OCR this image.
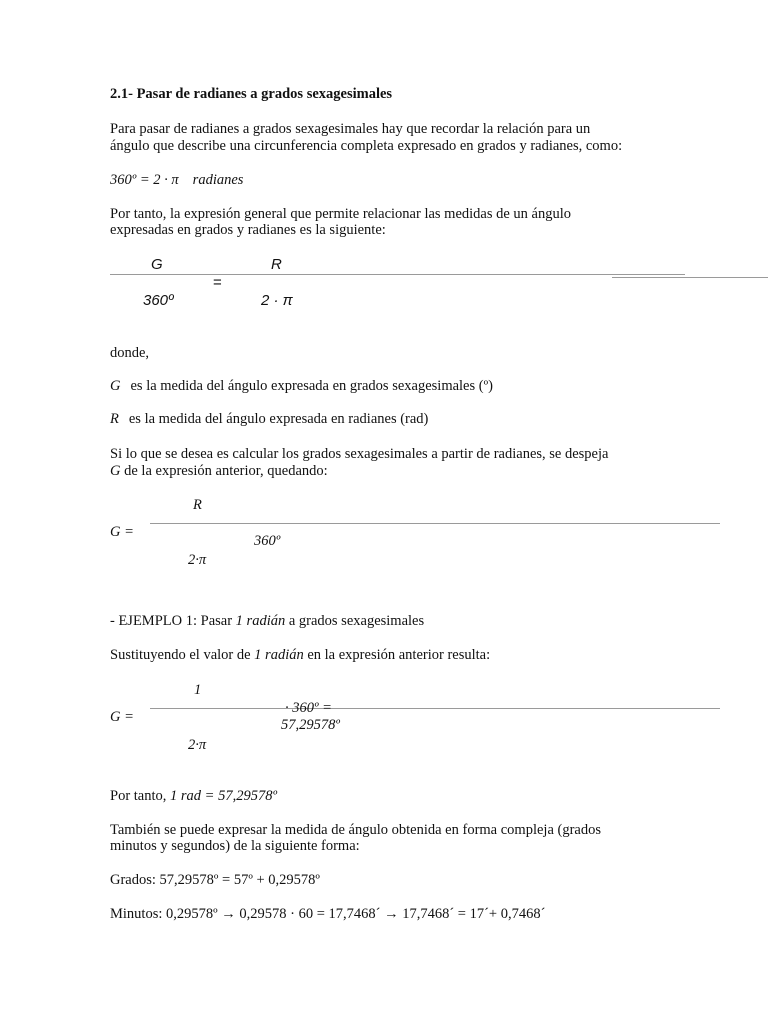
2.1- Pasar de radianes a grados sexagesimales
Para pasar de radianes a grados sexagesimales hay que recordar la relación para un
ángulo que describe una circunferencia completa expresado en grados y radianes, como:
360º = 2 · π radianes
Por tanto, la expresión general que permite relacionar las medidas de un ángulo
expresadas en grados y radianes es la siguiente:
G	R
=
360º	2 · π
donde,
G es la medida del ángulo expresada en grados sexagesimales (º)
R es la medida del ángulo expresada en radianes (rad)
Si lo que se desea es calcular los grados sexagesimales a partir de radianes, se despeja
G de la expresión anterior, quedando:
R
G =
360º
2·π
- EJEMPLO 1: Pasar 1 radián a grados sexagesimales
Sustituyendo el valor de 1 radián en la expresión anterior resulta:
1
G =
· 360º =
57,29578º
2·π
Por tanto, 1 rad = 57,29578º
También se puede expresar la medida de ángulo obtenida en forma compleja (grados
minutos y segundos) de la siguiente forma:
Grados: 57,29578º = 57º + 0,29578º
Minutos: 0,29578º → 0,29578 · 60 = 17,7468´ → 17,7468´ = 17´+ 0,7468´
